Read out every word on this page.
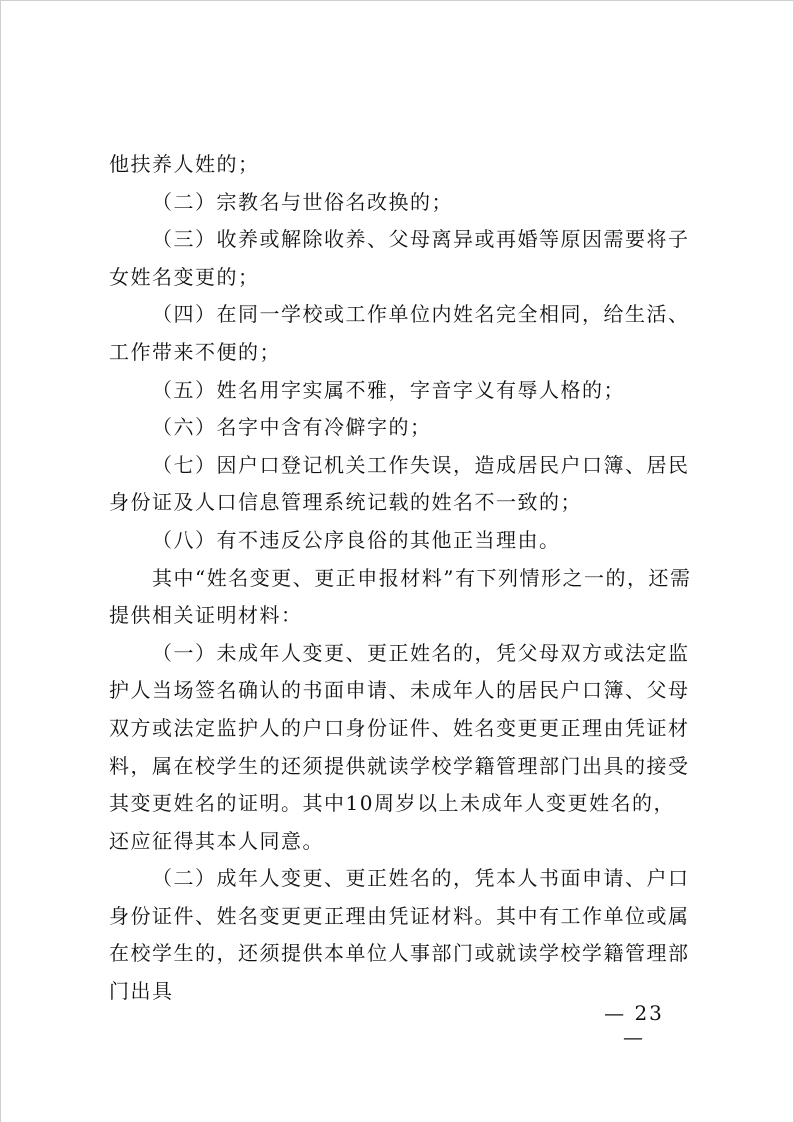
他扶养人姓的；

（二）宗教名与世俗名改换的；

（三）收养或解除收养、父母离异或再婚等原因需要将子女姓名变更的；

（四）在同一学校或工作单位内姓名完全相同，给生活、工作带来不便的；

（五）姓名用字实属不雅，字音字义有辱人格的；

（六）名字中含有冷僻字的；

（七）因户口登记机关工作失误，造成居民户口簿、居民身份证及人口信息管理系统记载的姓名不一致的；

（八）有不违反公序良俗的其他正当理由。

其中“姓名变更、更正申报材料”有下列情形之一的，还需提供相关证明材料：

（一）未成年人变更、更正姓名的，凭父母双方或法定监护人当场签名确认的书面申请、未成年人的居民户口簿、父母双方或法定监护人的户口身份证件、姓名变更更正理由凭证材料，属在校学生的还须提供就读学校学籍管理部门出具的接受其变更姓名的证明。其中10周岁以上未成年人变更姓名的，还应征得其本人同意。

（二）成年人变更、更正姓名的，凭本人书面申请、户口身份证件、姓名变更更正理由凭证材料。其中有工作单位或属在校学生的，还须提供本单位人事部门或就读学校学籍管理部门出具

— 23 —
